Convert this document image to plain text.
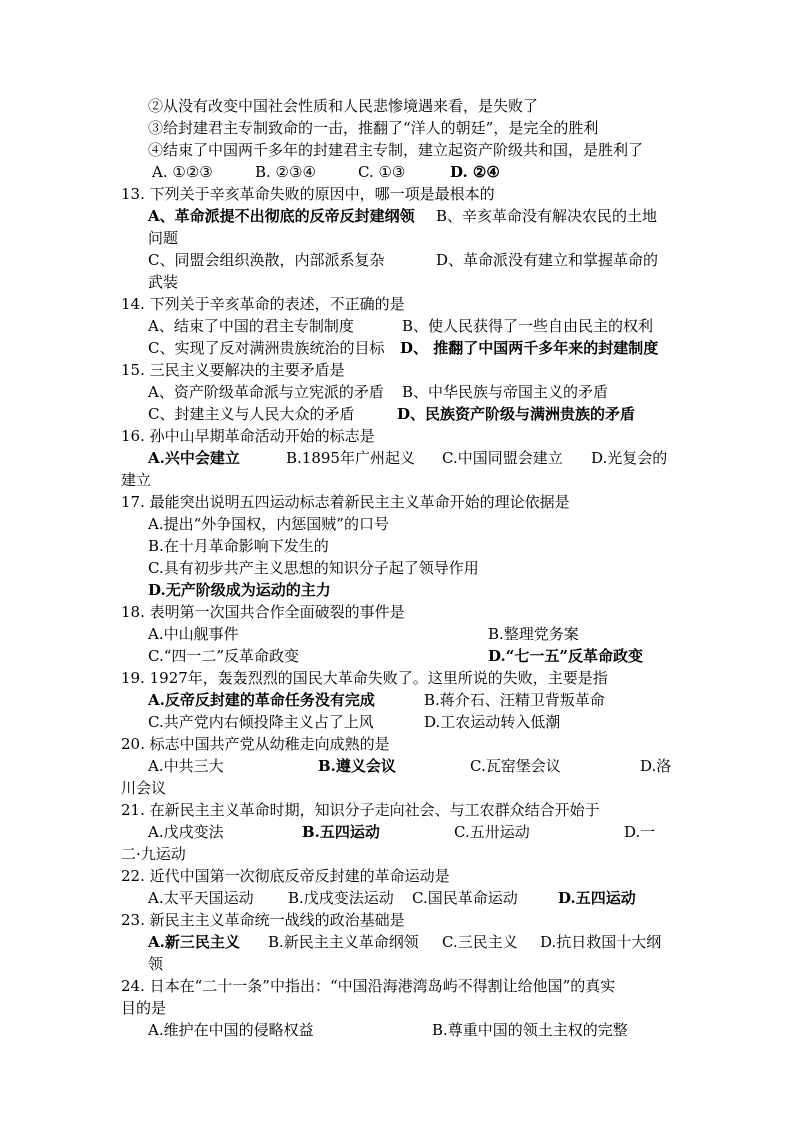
②从没有改变中国社会性质和人民悲惨境遇来看，是失败了
③给封建君主专制致命的一击，推翻了“洋人的朝廷”，是完全的胜利
④结束了中国两千多年的封建君主专制，建立起资产阶级共和国，是胜利了
A. ①②③	B. ②③④	C. ①③	D. ②④
13. 下列关于辛亥革命失败的原因中，哪一项是最根本的
A、革命派提不出彻底的反帝反封建纲领 B、辛亥革命没有解决农民的土地
问题
C、同盟会组织涣散，内部派系复杂	D、革命派没有建立和掌握革命的
武装
14. 下列关于辛亥革命的表述，不正确的是
A、结束了中国的君主专制制度	B、使人民获得了一些自由民主的权利
C、实现了反对满洲贵族统治的目标 D、 推翻了中国两千多年来的封建制度
15. 三民主义要解决的主要矛盾是
A、资产阶级革命派与立宪派的矛盾 B、中华民族与帝国主义的矛盾
C、封建主义与人民大众的矛盾	D、民族资产阶级与满洲贵族的矛盾
16. 孙中山早期革命活动开始的标志是
A.兴中会建立	B.1895年广州起义 C.中国同盟会建立 D.光复会的
建立
17. 最能突出说明五四运动标志着新民主主义革命开始的理论依据是
A.提出“外争国权，内惩国贼”的口号
B.在十月革命影响下发生的
C.具有初步共产主义思想的知识分子起了领导作用
D.无产阶级成为运动的主力
18. 表明第一次国共合作全面破裂的事件是
A.中山舰事件	B.整理党务案
C.“四一二”反革命政变	D.“七一五”反革命政变
19. 1927年，轰轰烈烈的国民大革命失败了。这里所说的失败，主要是指
A.反帝反封建的革命任务没有完成	B.蒋介石、汪精卫背叛革命
C.共产党内右倾投降主义占了上风	D.工农运动转入低潮
20. 标志中国共产党从幼稚走向成熟的是
A.中共三大	B.遵义会议	C.瓦窑堡会议	D.洛
川会议
21. 在新民主主义革命时期，知识分子走向社会、与工农群众结合开始于
A.戊戌变法	B.五四运动	C.五卅运动	D.一
二·九运动
22. 近代中国第一次彻底反帝反封建的革命运动是
A.太平天国运动 B.戊戌变法运动 C.国民革命运动	D.五四运动
23. 新民主主义革命统一战线的政治基础是
A.新三民主义 B.新民主主义革命纲领 C.三民主义 D.抗日救国十大纲
领
24. 日本在“二十一条”中指出：“中国沿海港湾岛屿不得割让给他国”的真实
目的是
A.维护在中国的侵略权益	B.尊重中国的领土主权的完整
